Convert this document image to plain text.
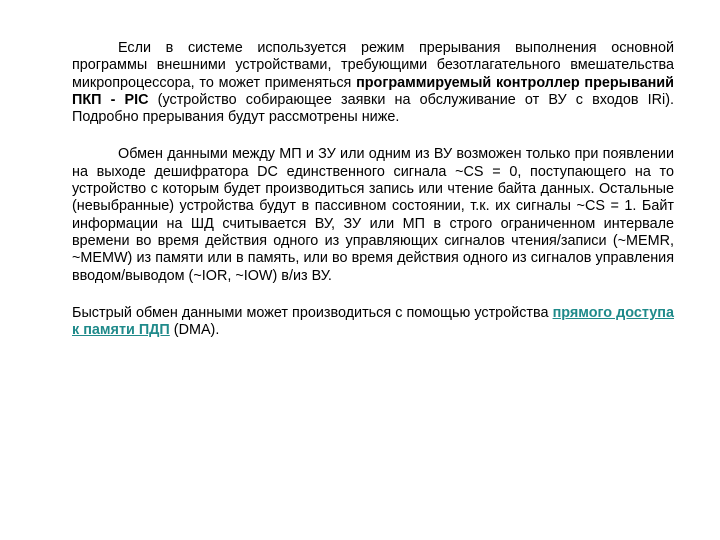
Если в системе используется режим прерывания выполнения основной программы внешними устройствами, требующими безотлагательного вмешательства микропроцессора, то может применяться программируемый контроллер прерываний ПКП - PIC (устройство собирающее заявки на обслуживание от ВУ с входов IRi). Подробно прерывания будут рассмотрены ниже.

Обмен данными между МП и ЗУ или одним из ВУ возможен только при появлении на выходе дешифратора DC единственного сигнала ~CS = 0, поступающего на то устройство с которым будет производиться запись или чтение байта данных. Остальные (невыбранные) устройства будут в пассивном состоянии, т.к. их сигналы ~CS = 1. Байт информации на ШД считывается ВУ, ЗУ или МП в строго ограниченном интервале времени во время действия одного из управляющих сигналов чтения/записи (~MEMR, ~MEMW) из памяти или в память, или во время действия одного из сигналов управления вводом/выводом (~IOR, ~IOW) в/из ВУ.

Быстрый обмен данными может производиться с помощью устройства прямого доступа к памяти ПДП (DMA).
